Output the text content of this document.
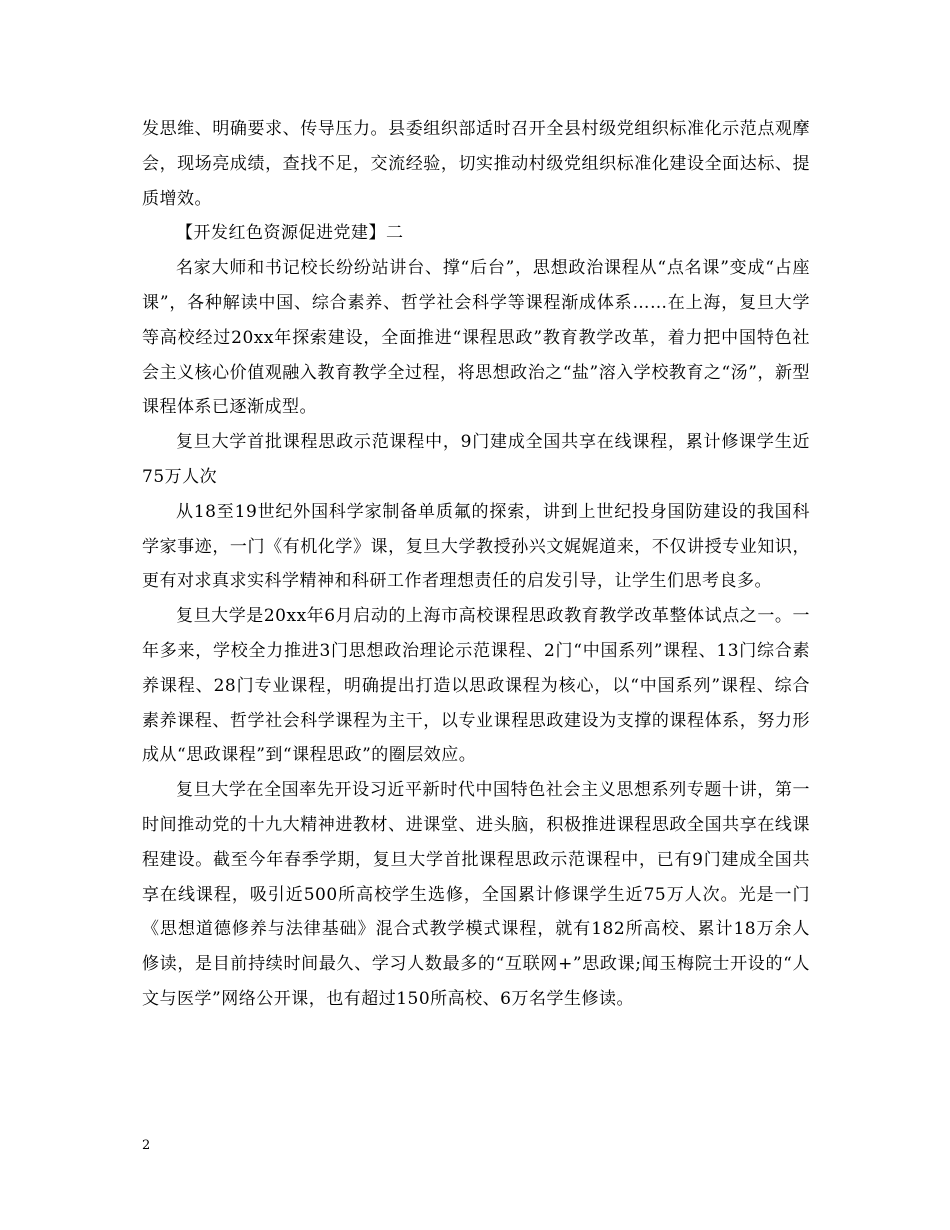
发思维、明确要求、传导压力。县委组织部适时召开全县村级党组织标准化示范点观摩会，现场亮成绩，查找不足，交流经验，切实推动村级党组织标准化建设全面达标、提质增效。

【开发红色资源促进党建】二

名家大师和书记校长纷纷站讲台、撑“后台”，思想政治课程从“点名课”变成“占座课”，各种解读中国、综合素养、哲学社会科学等课程渐成体系……在上海，复旦大学等高校经过20xx年探索建设，全面推进“课程思政”教育教学改革，着力把中国特色社会主义核心价值观融入教育教学全过程，将思想政治之“盐”溶入学校教育之“汤”，新型课程体系已逐渐成型。

复旦大学首批课程思政示范课程中，9门建成全国共享在线课程，累计修课学生近75万人次

从18至19世纪外国科学家制备单质氟的探索，讲到上世纪投身国防建设的我国科学家事迹，一门《有机化学》课，复旦大学教授孙兴文娓娓道来，不仅讲授专业知识，更有对求真求实科学精神和科研工作者理想责任的启发引导，让学生们思考良多。

复旦大学是20xx年6月启动的上海市高校课程思政教育教学改革整体试点之一。一年多来，学校全力推进3门思想政治理论示范课程、2门“中国系列”课程、13门综合素养课程、28门专业课程，明确提出打造以思政课程为核心，以“中国系列”课程、综合素养课程、哲学社会科学课程为主干，以专业课程思政建设为支撑的课程体系，努力形成从“思政课程”到“课程思政”的圈层效应。

复旦大学在全国率先开设习近平新时代中国特色社会主义思想系列专题十讲，第一时间推动党的十九大精神进教材、进课堂、进头脑，积极推进课程思政全国共享在线课程建设。截至今年春季学期，复旦大学首批课程思政示范课程中，已有9门建成全国共享在线课程，吸引近500所高校学生选修，全国累计修课学生近75万人次。光是一门《思想道德修养与法律基础》混合式教学模式课程，就有182所高校、累计18万余人修读，是目前持续时间最久、学习人数最多的“互联网+”思政课;闻玉梅院士开设的“人文与医学”网络公开课，也有超过150所高校、6万名学生修读。

2
